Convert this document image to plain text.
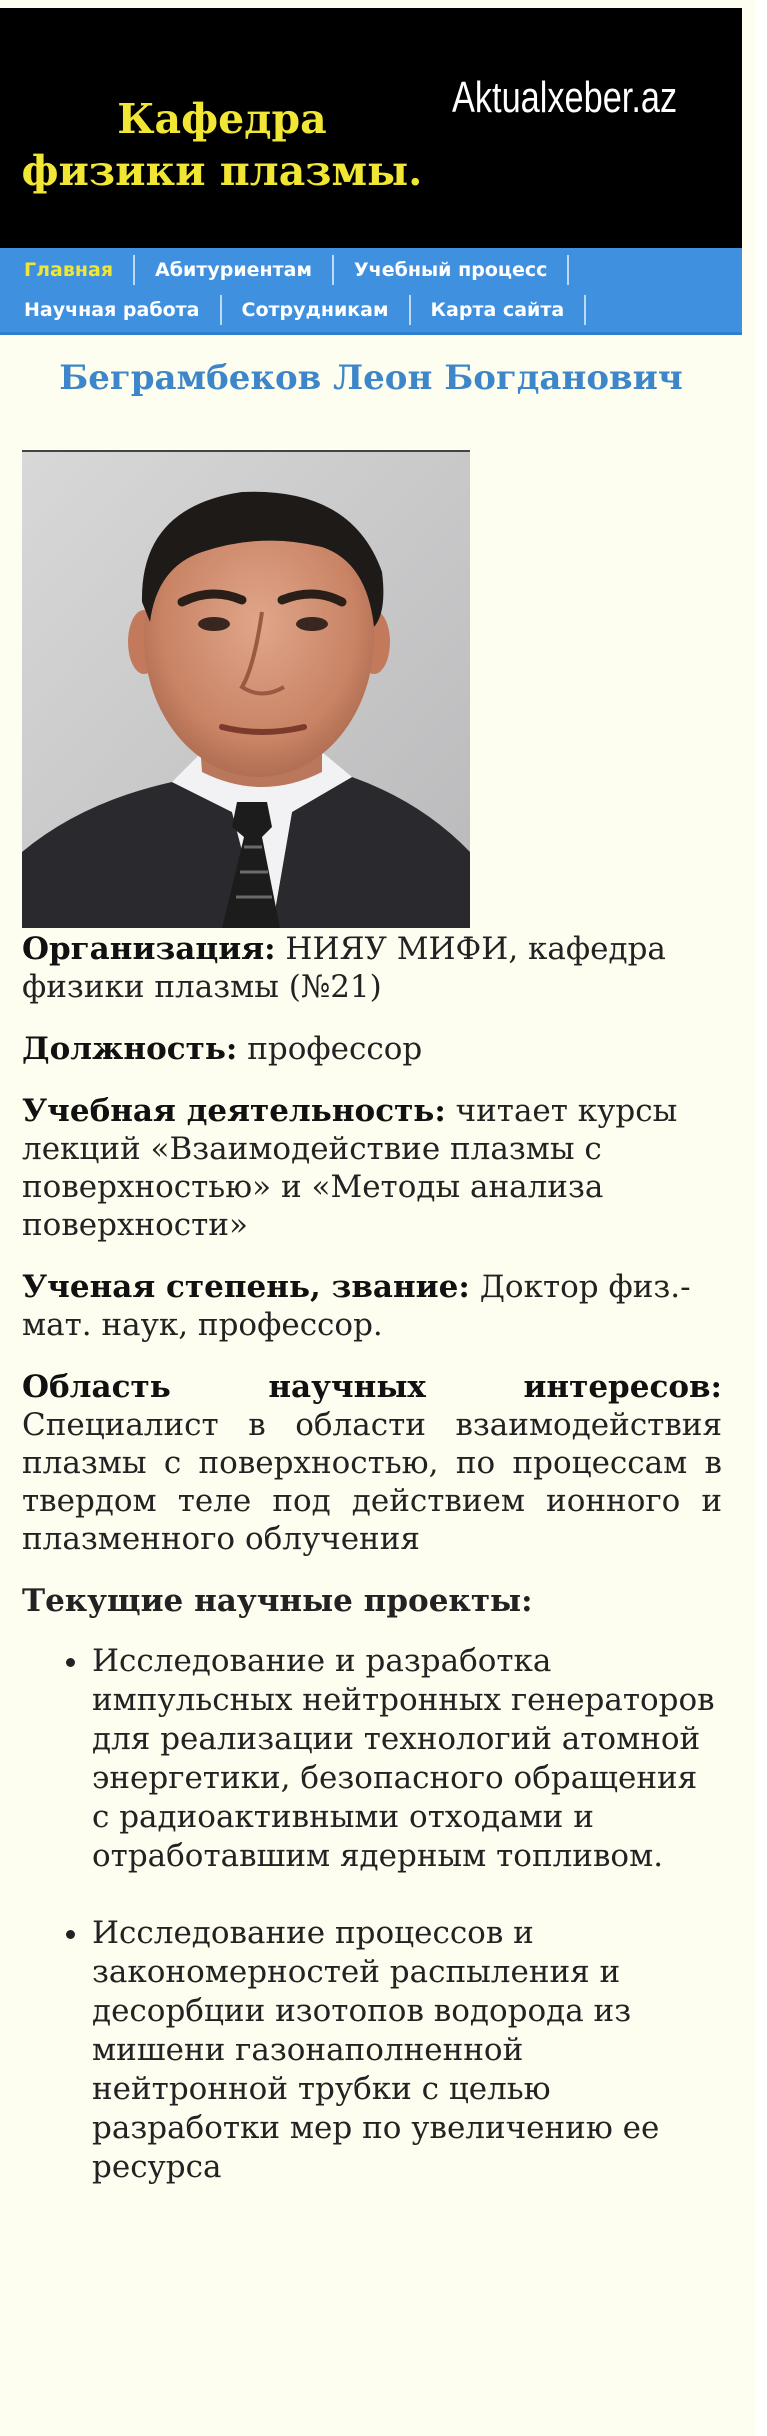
Кафедра
физики плазмы.
Aktualxeber.az
Главная	Абитуриентам	Учебный процесс
Научная работа	Сотрудникам	Карта сайта
Беграмбеков Леон Богданович

Организация: НИЯУ МИФИ, кафедра физики плазмы (№21)

Должность: профессор

Учебная деятельность: читает курсы лекций «Взаимодействие плазмы с поверхностью» и «Методы анализа поверхности»

Ученая степень, звание: Доктор физ.-мат. наук, профессор.

Область научных интересов: Специалист в области взаимодействия плазмы с поверхностью, по процессам в твердом теле под действием ионного и плазменного облучения

Текущие научные проекты:

Исследование и разработка импульсных нейтронных генераторов для реализации технологий атомной энергетики, безопасного обращения с радиоактивными отходами и отработавшим ядерным топливом.
Исследование процессов и закономерностей распыления и десорбции изотопов водорода из мишени газонаполненной нейтронной трубки с целью разработки мер по увеличению ее ресурса
